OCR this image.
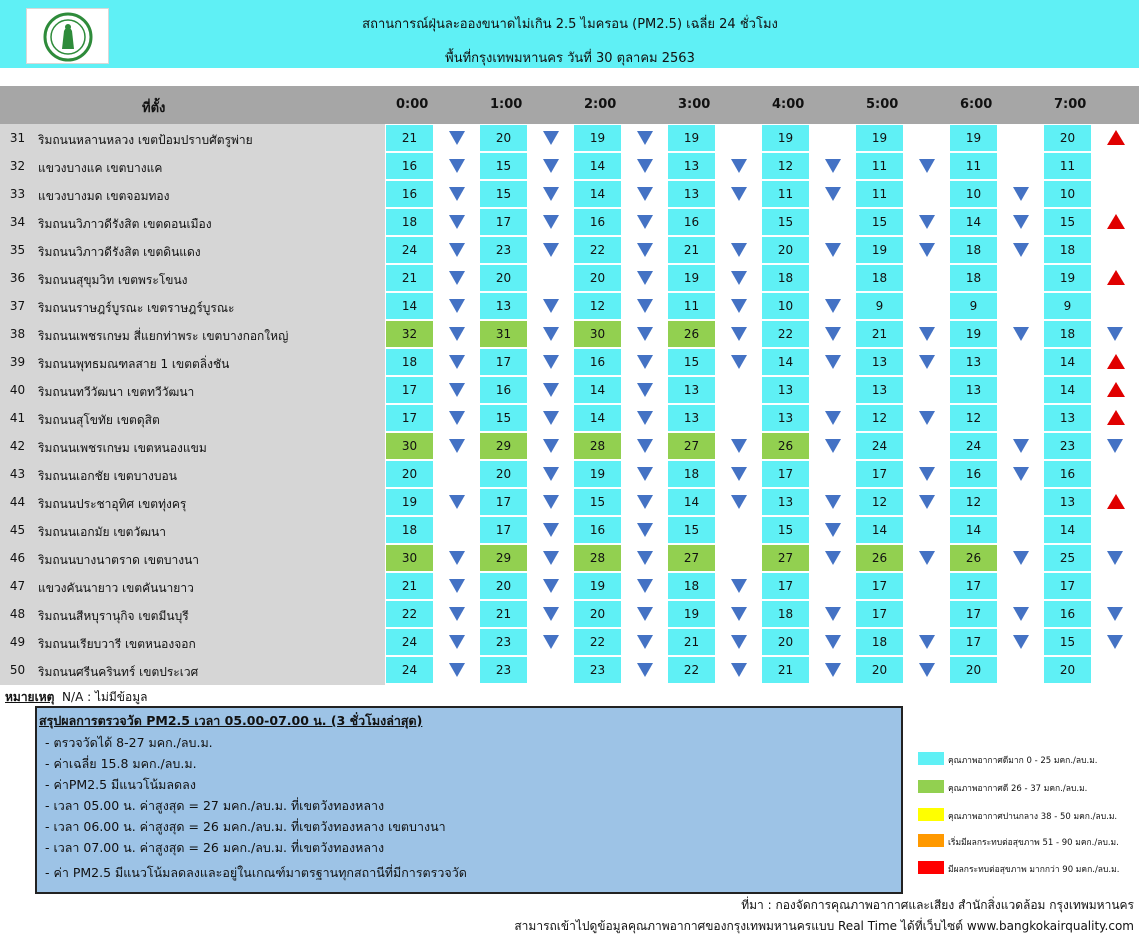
สถานการณ์ฝุ่นละอองขนาดไม่เกิน 2.5 ไมครอน (PM2.5) เฉลี่ย 24 ชั่วโมง
พื้นที่กรุงเทพมหานคร วันที่ 30 ตุลาคม 2563
ที่ตั้ง	0:00	1:00	2:00	3:00	4:00	5:00	6:00	7:00
31	ริมถนนหลานหลวง เขตป้อมปราบศัตรูพ่าย	21	20	19	19	19	19	19	20
32	แขวงบางแค เขตบางแค	16	15	14	13	12	11	11	11
33	แขวงบางมด เขตจอมทอง	16	15	14	13	11	11	10	10
34	ริมถนนวิภาวดีรังสิต เขตดอนเมือง	18	17	16	16	15	15	14	15
35	ริมถนนวิภาวดีรังสิต เขตดินแดง	24	23	22	21	20	19	18	18
36	ริมถนนสุขุมวิท เขตพระโขนง	21	20	20	19	18	18	18	19
37	ริมถนนราษฎร์บูรณะ เขตราษฎร์บูรณะ	14	13	12	11	10	9	9	9
38	ริมถนนเพชรเกษม สี่แยกท่าพระ เขตบางกอกใหญ่	32	31	30	26	22	21	19	18
39	ริมถนนพุทธมณฑลสาย 1 เขตตลิ่งชัน	18	17	16	15	14	13	13	14
40	ริมถนนทวีวัฒนา เขตทวีวัฒนา	17	16	14	13	13	13	13	14
41	ริมถนนสุโขทัย เขตดุสิต	17	15	14	13	13	12	12	13
42	ริมถนนเพชรเกษม เขตหนองแขม	30	29	28	27	26	24	24	23
43	ริมถนนเอกชัย เขตบางบอน	20	20	19	18	17	17	16	16
44	ริมถนนประชาอุทิศ เขตทุ่งครุ	19	17	15	14	13	12	12	13
45	ริมถนนเอกมัย เขตวัฒนา	18	17	16	15	15	14	14	14
46	ริมถนนบางนาตราด เขตบางนา	30	29	28	27	27	26	26	25
47	แขวงคันนายาว เขตคันนายาว	21	20	19	18	17	17	17	17
48	ริมถนนสีหบุรานุกิจ เขตมีนบุรี	22	21	20	19	18	17	17	16
49	ริมถนนเรียบวารี เขตหนองจอก	24	23	22	21	20	18	17	15
50	ริมถนนศรีนครินทร์ เขตประเวศ	24	23	23	22	21	20	20	20
หมายเหตุ N/A : ไม่มีข้อมูล
สรุปผลการตรวจวัด PM2.5 เวลา 05.00-07.00 น. (3 ชั่วโมงล่าสุด)
- ตรวจวัดได้ 8-27 มคก./ลบ.ม.
- ค่าเฉลี่ย 15.8 มคก./ลบ.ม.
- ค่าPM2.5 มีแนวโน้มลดลง
- เวลา 05.00 น. ค่าสูงสุด = 27 มคก./ลบ.ม. ที่เขตวังทองหลาง
- เวลา 06.00 น. ค่าสูงสุด = 26 มคก./ลบ.ม. ที่เขตวังทองหลาง เขตบางนา
- เวลา 07.00 น. ค่าสูงสุด = 26 มคก./ลบ.ม. ที่เขตวังทองหลาง
- ค่า PM2.5 มีแนวโน้มลดลงและอยู่ในเกณฑ์มาตรฐานทุกสถานีที่มีการตรวจวัด
คุณภาพอากาศดีมาก 0 - 25 มคก./ลบ.ม.
คุณภาพอากาศดี 26 - 37 มคก./ลบ.ม.
คุณภาพอากาศปานกลาง 38 - 50 มคก./ลบ.ม.
เริ่มมีผลกระทบต่อสุขภาพ 51 - 90 มคก./ลบ.ม.
มีผลกระทบต่อสุขภาพ มากกว่า 90 มคก./ลบ.ม.
ที่มา : กองจัดการคุณภาพอากาศและเสียง สำนักสิ่งแวดล้อม กรุงเทพมหานคร
สามารถเข้าไปดูข้อมูลคุณภาพอากาศของกรุงเทพมหานครแบบ Real Time ได้ที่เว็บไซต์ www.bangkokairquality.com
